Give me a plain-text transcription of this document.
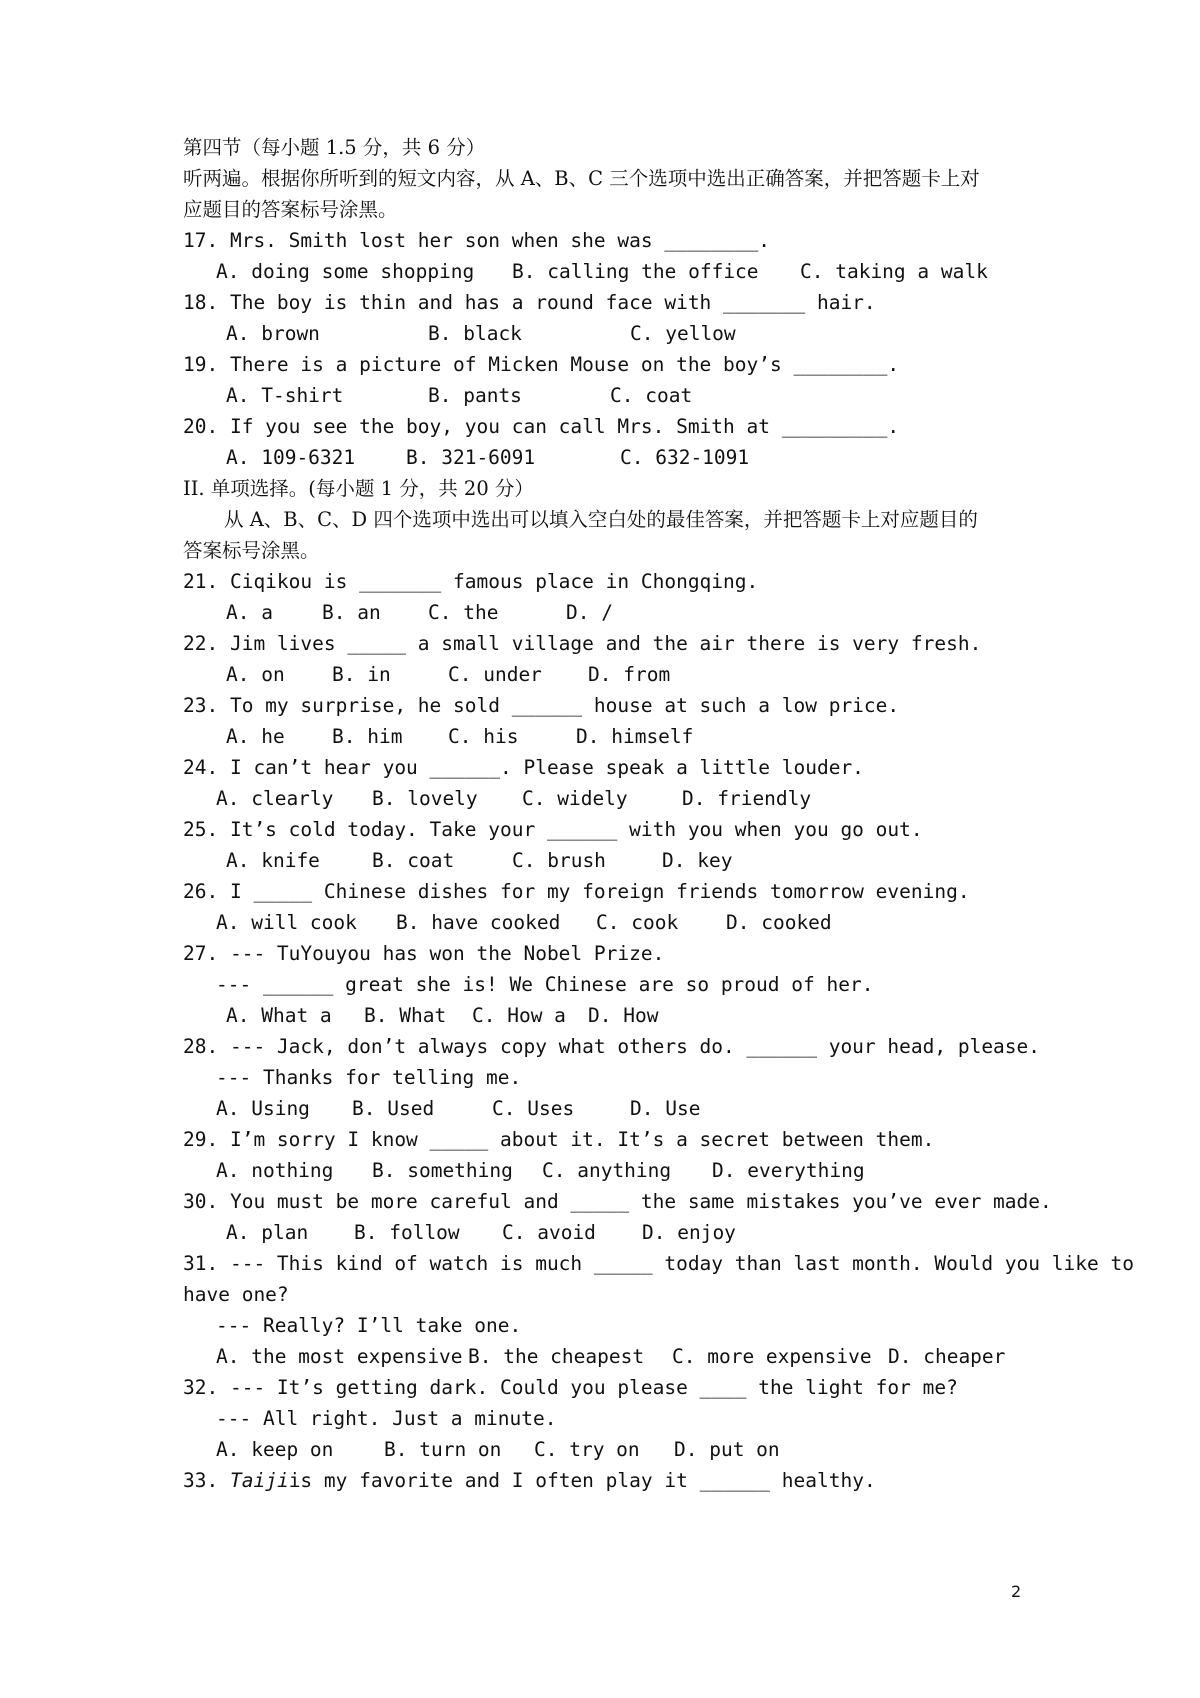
第四节（每小题 1.5 分，共 6 分）
听两遍。根据你所听到的短文内容，从 A、B、C 三个选项中选出正确答案，并把答题卡上对
应题目的答案标号涂黑。
17. Mrs. Smith lost her son when she was ________.

A. doing some shopping

B. calling the office

C. taking a walk

18. The boy is thin and has a round face with _______ hair.

A. brown

	B. black

	C. yellow

19. There is a picture of Micken Mouse on the boy’s ________.

A. T-shirt

	B. pants

	C. coat

20. If you see the boy, you can call Mrs. Smith at _________.

A. 109-6321

	B. 321-6091

	C. 632-1091

II. 单项选择。(每小题 1 分，共 20 分）
从 A、B、C、D 四个选项中选出可以填入空白处的最佳答案，并把答题卡上对应题目的
答案标号涂黑。
21. Ciqikou is _______ famous place in Chongqing.

A. a

	B. an

C. the

	D. /

22. Jim lives _____ a small village and the air there is very fresh.

A. on

B. in

	C. under

D. from

23. To my surprise, he sold ______ house at such a low price.

A. he

B. him

C. his

	D. himself

24. I can’t hear you ______. Please speak a little louder.

A. clearly

B. lovely

C. widely

	D. friendly

25. It’s cold today. Take your ______ with you when you go out.

A. knife

	B. coat

	C. brush

	D. key

26. I _____ Chinese dishes for my foreign friends tomorrow evening.

A. will cook

B. have cooked

C. cook

D. cooked

27. --- TuYouyou has won the Nobel Prize.
--- ______ great she is! We Chinese are so proud of her.

A. What a

B. What

C. How a

D. How

28. --- Jack, don’t always copy what others do. ______ your head, please.
--- Thanks for telling me.

A. Using

B. Used

	C. Uses

	D. Use

29. I’m sorry I know _____ about it. It’s a secret between them.

A. nothing

B. something

C. anything

D. everything

30. You must be more careful and _____ the same mistakes you’ve ever made.

A. plan

B. follow

C. avoid

D. enjoy

31. --- This kind of watch is much _____ today than last month. Would you like to
have one?
--- Really? I’ll take one.

A. the most expensive

B. the cheapest

C. more expensive

D. cheaper

32. --- It’s getting dark. Could you please ____ the light for me?
--- All right. Just a minute.

A. keep on

	B. turn on

C. try on

D. put on

33. Taijiis my favorite and I often play it ______ healthy.
2
